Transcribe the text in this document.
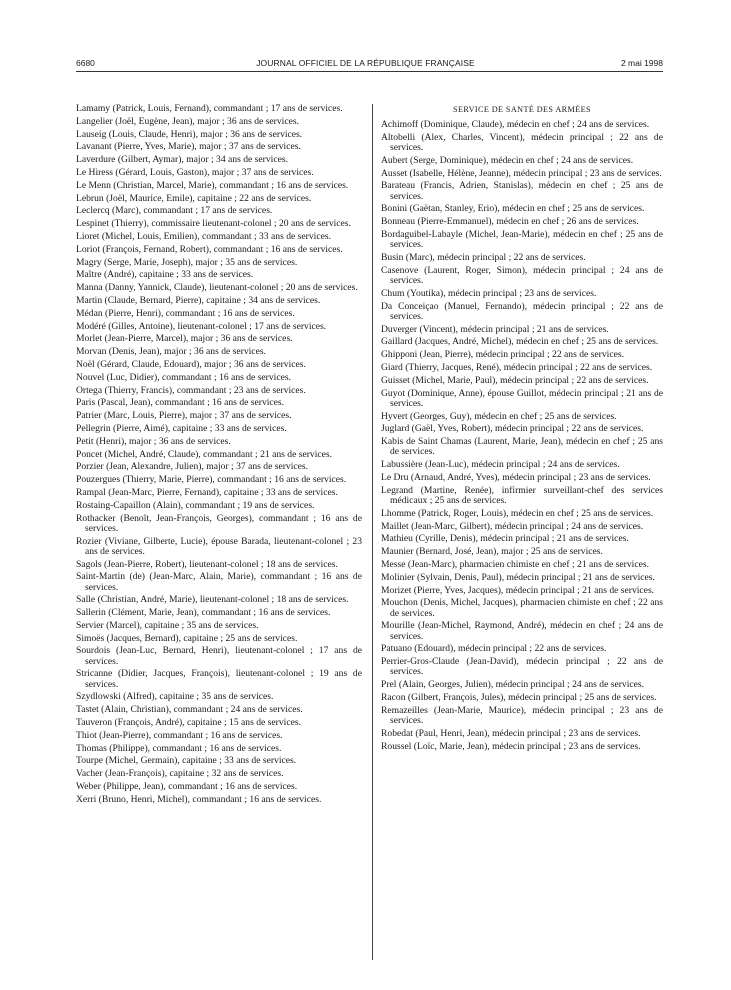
6680	JOURNAL OFFICIEL DE LA RÉPUBLIQUE FRANÇAISE	2 mai 1998

Lamamy (Patrick, Louis, Fernand), commandant ; 17 ans de services.

Langelier (Joël, Eugène, Jean), major ; 36 ans de services.

Lauseig (Louis, Claude, Henri), major ; 36 ans de services.

Lavanant (Pierre, Yves, Marie), major ; 37 ans de services.

Laverdure (Gilbert, Aymar), major ; 34 ans de services.

Le Hiress (Gérard, Louis, Gaston), major ; 37 ans de services.

Le Menn (Christian, Marcel, Marie), commandant ; 16 ans de services.

Lebrun (Joël, Maurice, Emile), capitaine ; 22 ans de services.

Leclercq (Marc), commandant ; 17 ans de services.

Lespinet (Thierry), commissaire lieutenant-colonel ; 20 ans de services.

Lioret (Michel, Louis, Emilien), commandant ; 33 ans de services.

Loriot (François, Fernand, Robert), commandant ; 16 ans de services.

Magry (Serge, Marie, Joseph), major ; 35 ans de services.

Maître (André), capitaine ; 33 ans de services.

Manna (Danny, Yannick, Claude), lieutenant-colonel ; 20 ans de services.

Martin (Claude, Bernard, Pierre), capitaine ; 34 ans de services.

Médan (Pierre, Henri), commandant ; 16 ans de services.

Modéré (Gilles, Antoine), lieutenant-colonel ; 17 ans de services.

Morlet (Jean-Pierre, Marcel), major ; 36 ans de services.

Morvan (Denis, Jean), major ; 36 ans de services.

Noël (Gérard, Claude, Edouard), major ; 36 ans de services.

Nouvel (Luc, Didier), commandant ; 16 ans de services.

Ortega (Thierry, Francis), commandant ; 23 ans de services.

Paris (Pascal, Jean), commandant ; 16 ans de services.

Patrier (Marc, Louis, Pierre), major ; 37 ans de services.

Pellegrin (Pierre, Aimé), capitaine ; 33 ans de services.

Petit (Henri), major ; 36 ans de services.

Poncet (Michel, André, Claude), commandant ; 21 ans de services.

Porzier (Jean, Alexandre, Julien), major ; 37 ans de services.

Pouzergues (Thierry, Marie, Pierre), commandant ; 16 ans de services.

Rampal (Jean-Marc, Pierre, Fernand), capitaine ; 33 ans de services.

Rostaing-Capaillon (Alain), commandant ; 19 ans de services.

Rothacker (Benoît, Jean-François, Georges), commandant ; 16 ans de services.

Rozier (Viviane, Gilberte, Lucie), épouse Barada, lieutenant-colonel ; 23 ans de services.

Sagols (Jean-Pierre, Robert), lieutenant-colonel ; 18 ans de services.

Saint-Martin (de) (Jean-Marc, Alain, Marie), commandant ; 16 ans de services.

Salle (Christian, André, Marie), lieutenant-colonel ; 18 ans de services.

Sallerin (Clément, Marie, Jean), commandant ; 16 ans de services.

Servier (Marcel), capitaine ; 35 ans de services.

Simoës (Jacques, Bernard), capitaine ; 25 ans de services.

Sourdois (Jean-Luc, Bernard, Henri), lieutenant-colonel ; 17 ans de services.

Stricanne (Didier, Jacques, François), lieutenant-colonel ; 19 ans de services.

Szydlowski (Alfred), capitaine ; 35 ans de services.

Tastet (Alain, Christian), commandant ; 24 ans de services.

Tauveron (François, André), capitaine ; 15 ans de services.

Thiot (Jean-Pierre), commandant ; 16 ans de services.

Thomas (Philippe), commandant ; 16 ans de services.

Tourpe (Michel, Germain), capitaine ; 33 ans de services.

Vacher (Jean-François), capitaine ; 32 ans de services.

Weber (Philippe, Jean), commandant ; 16 ans de services.

Xerri (Bruno, Henri, Michel), commandant ; 16 ans de services.

SERVICE DE SANTÉ DES ARMÉES

Achimoff (Dominique, Claude), médecin en chef ; 24 ans de services.

Altobelli (Alex, Charles, Vincent), médecin principal ; 22 ans de services.

Aubert (Serge, Dominique), médecin en chef ; 24 ans de services.

Ausset (Isabelle, Hélène, Jeanne), médecin principal ; 23 ans de services.

Barateau (Francis, Adrien, Stanislas), médecin en chef ; 25 ans de services.

Bonini (Gaëtan, Stanley, Erio), médecin en chef ; 25 ans de services.

Bonneau (Pierre-Emmanuel), médecin en chef ; 26 ans de services.

Bordaguibel-Labayle (Michel, Jean-Marie), médecin en chef ; 25 ans de services.

Busin (Marc), médecin principal ; 22 ans de services.

Casenove (Laurent, Roger, Simon), médecin principal ; 24 ans de services.

Chum (Youtika), médecin principal ; 23 ans de services.

Da Conceiçao (Manuel, Fernando), médecin principal ; 22 ans de services.

Duverger (Vincent), médecin principal ; 21 ans de services.

Gaillard (Jacques, André, Michel), médecin en chef ; 25 ans de services.

Ghipponi (Jean, Pierre), médecin principal ; 22 ans de services.

Giard (Thierry, Jacques, René), médecin principal ; 22 ans de services.

Guisset (Michel, Marie, Paul), médecin principal ; 22 ans de services.

Guyot (Dominique, Anne), épouse Guillot, médecin principal ; 21 ans de services.

Hyvert (Georges, Guy), médecin en chef ; 25 ans de services.

Juglard (Gaël, Yves, Robert), médecin principal ; 22 ans de services.

Kabis de Saint Chamas (Laurent, Marie, Jean), médecin en chef ; 25 ans de services.

Labussière (Jean-Luc), médecin principal ; 24 ans de services.

Le Dru (Arnaud, André, Yves), médecin principal ; 23 ans de services.

Legrand (Martine, Renée), infirmier surveillant-chef des services médicaux ; 25 ans de services.

Lhomme (Patrick, Roger, Louis), médecin en chef ; 25 ans de services.

Maillet (Jean-Marc, Gilbert), médecin principal ; 24 ans de services.

Mathieu (Cyrille, Denis), médecin principal ; 21 ans de services.

Maunier (Bernard, José, Jean), major ; 25 ans de services.

Messe (Jean-Marc), pharmacien chimiste en chef ; 21 ans de services.

Molinier (Sylvain, Denis, Paul), médecin principal ; 21 ans de services.

Morizet (Pierre, Yves, Jacques), médecin principal ; 21 ans de services.

Mouchon (Denis, Michel, Jacques), pharmacien chimiste en chef ; 22 ans de services.

Mourille (Jean-Michel, Raymond, André), médecin en chef ; 24 ans de services.

Patuano (Edouard), médecin principal ; 22 ans de services.

Perrier-Gros-Claude (Jean-David), médecin principal ; 22 ans de services.

Prel (Alain, Georges, Julien), médecin principal ; 24 ans de services.

Racon (Gilbert, François, Jules), médecin principal ; 25 ans de services.

Remazeilles (Jean-Marie, Maurice), médecin principal ; 23 ans de services.

Robedat (Paul, Henri, Jean), médecin principal ; 23 ans de services.

Roussel (Loïc, Marie, Jean), médecin principal ; 23 ans de services.
